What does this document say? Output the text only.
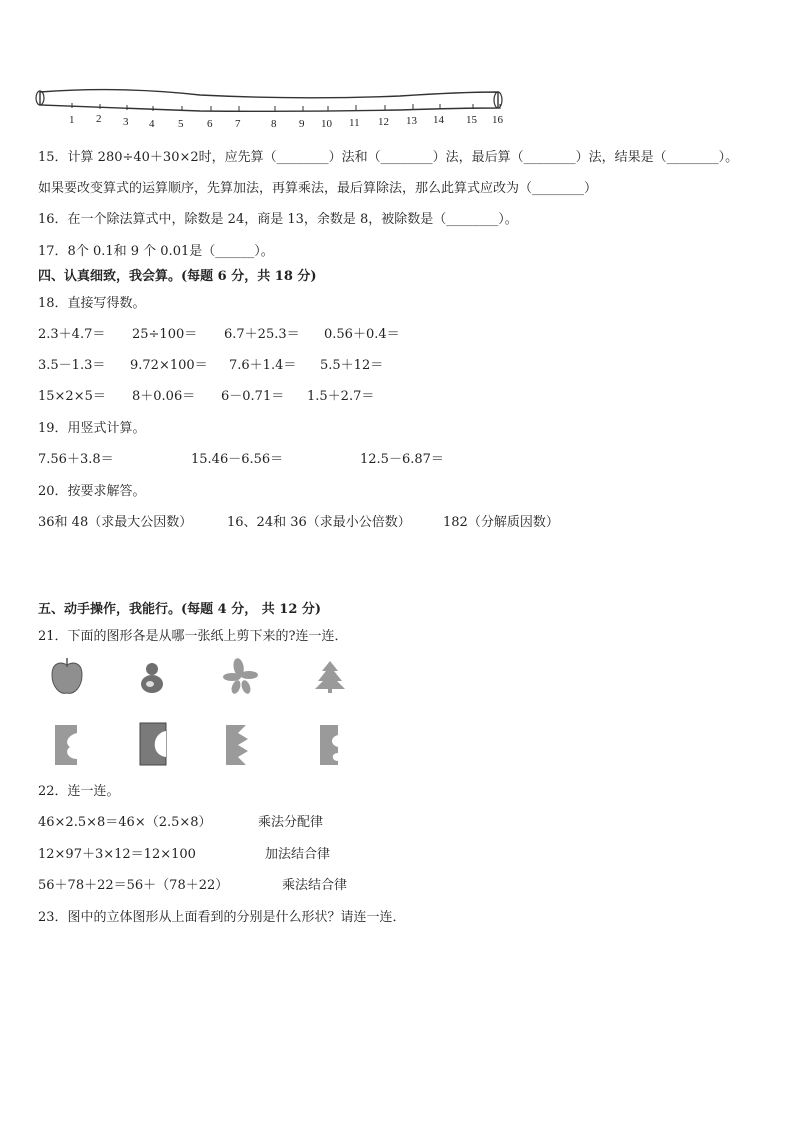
1 2 3 4 5 6 7	8 9 10 11 12 13 14 15 16
15．计算 280÷40＋30×2时，应先算（________）法和（________）法，最后算（________）法，结果是（________）。
如果要改变算式的运算顺序，先算加法，再算乘法，最后算除法，那么此算式应改为（________）
16．在一个除法算式中，除数是 24，商是 13，余数是 8，被除数是（________）。
17．8个 0.1和 9 个 0.01是（______）。
四、认真细致，我会算。(每题 6 分，共 18 分)
18．直接写得数。
2.3＋4.7＝ 25÷100＝ 6.7＋25.3＝ 0.56＋0.4＝
3.5－1.3＝ 9.72×100＝ 7.6＋1.4＝ 5.5＋12＝
15×2×5＝ 8＋0.06＝ 6－0.71＝ 1.5＋2.7＝
19．用竖式计算。
7.56＋3.8＝	15.46－6.56＝	12.5－6.87＝
20．按要求解答。
36和 48（求最大公因数）	16、24和 36（求最小公倍数） 182（分解质因数）
五、动手操作，我能行。(每题 4 分， 共 12 分)
21．下面的图形各是从哪一张纸上剪下来的?连一连．
22．连一连。
46×2.5×8＝46×（2.5×8）
12×97＋3×12＝12×100
56＋78＋22＝56＋（78＋22）
乘法分配律
加法结合律
乘法结合律
23．图中的立体图形从上面看到的分别是什么形状？请连一连．
